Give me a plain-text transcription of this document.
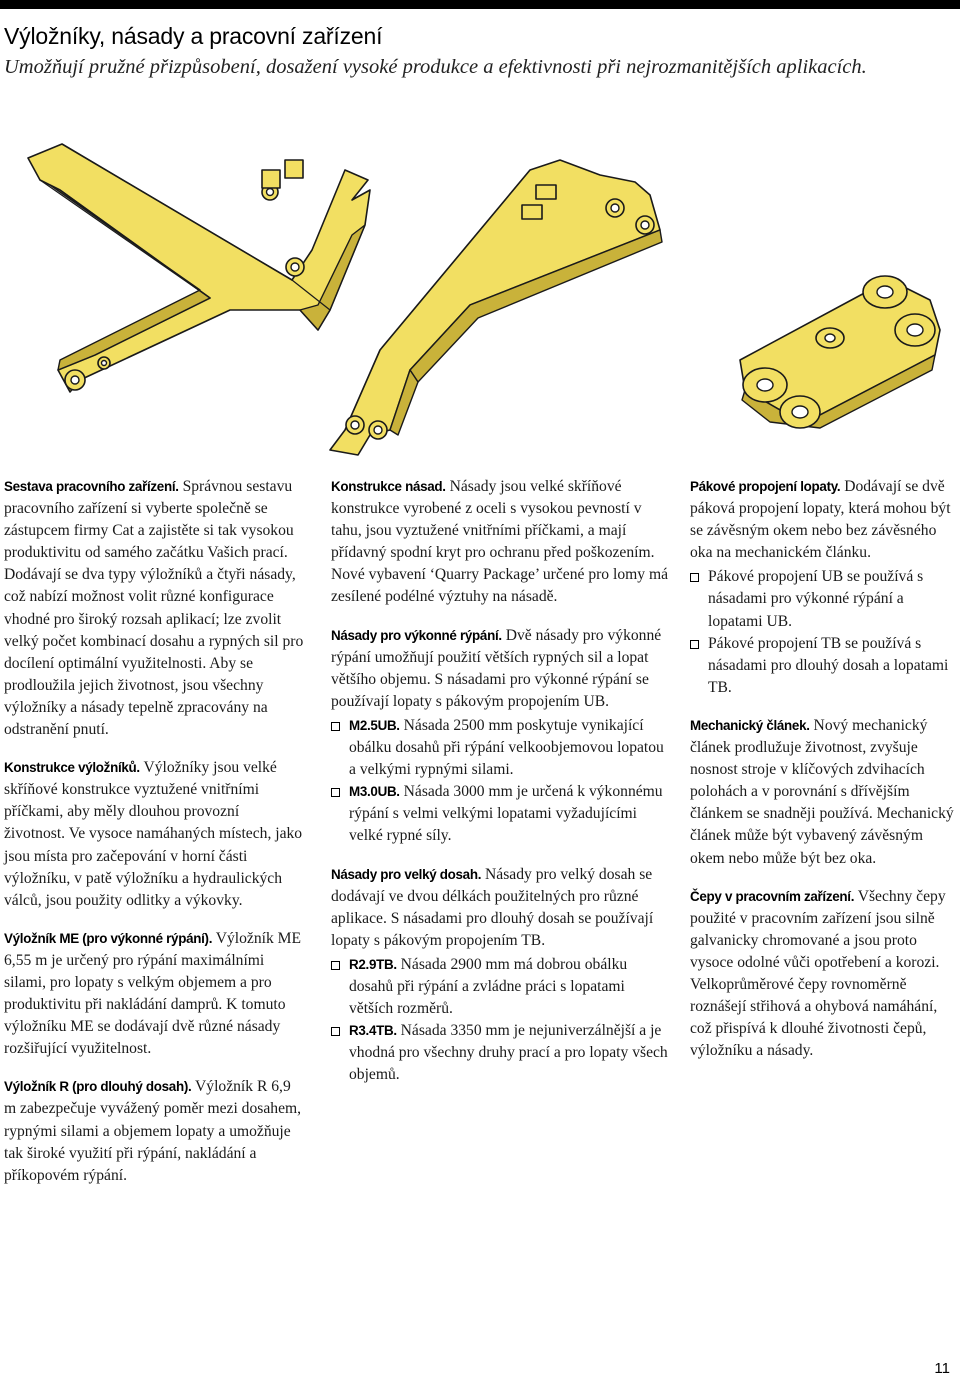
Výložníky, násady a pracovní zařízení

Umožňují pružné přizpůsobení, dosažení vysoké produkce a efektivnosti při nejrozmanitějších aplikacích.

Sestava pracovního zařízení. Správnou sestavu pracovního zařízení si vyberte společně se zástupcem firmy Cat a zajistěte si tak vysokou produktivitu od samého začátku Vašich prací. Dodávají se dva typy výložníků a čtyři násady, což nabízí možnost volit různé konfigurace vhodné pro široký rozsah aplikací; lze zvolit velký počet kombinací dosahu a rypných sil pro docílení optimální využitelnosti. Aby se prodloužila jejich životnost, jsou všechny výložníky a násady tepelně zpracovány na odstranění pnutí.

Konstrukce výložníků. Výložníky jsou velké skříňové konstrukce vyztužené vnitřními příčkami, aby měly dlouhou provozní životnost. Ve vysoce namáhaných místech, jako jsou místa pro začepování v horní části výložníku, v patě výložníku a hydraulických válců, jsou použity odlitky a výkovky.

Výložník ME (pro výkonné rýpání). Výložník ME 6,55 m je určený pro rýpání maximálními silami, pro lopaty s velkým objemem a pro produktivitu při nakládání damprů. K tomuto výložníku ME se dodávají dvě různé násady rozšiřující využitelnost.

Výložník R (pro dlouhý dosah). Výložník R 6,9 m zabezpečuje vyvážený poměr mezi dosahem, rypnými silami a objemem lopaty a umožňuje tak široké využití při rýpání, nakládání a příkopovém rýpání.

Konstrukce násad. Násady jsou velké skříňové konstrukce vyrobené z oceli s vysokou pevností v tahu, jsou vyztužené vnitřními příčkami, a mají přídavný spodní kryt pro ochranu před poškozením. Nové vybavení ‘Quarry Package’ určené pro lomy má zesílené podélné výztuhy na násadě.

Násady pro výkonné rýpání. Dvě násady pro výkonné rýpání umožňují použití větších rypných sil a lopat většího objemu. S násadami pro výkonné rýpání se používají lopaty s pákovým propojením UB.

M2.5UB. Násada 2500 mm poskytuje vynikající obálku dosahů při rýpání velkoobjemovou lopatou a velkými rypnými silami.
M3.0UB. Násada 3000 mm je určená k výkonnému rýpání s velmi velkými lopatami vyžadujícími velké rypné síly.

Násady pro velký dosah. Násady pro velký dosah se dodávají ve dvou délkách použitelných pro různé aplikace. S násadami pro dlouhý dosah se používají lopaty s pákovým propojením TB.

R2.9TB. Násada 2900 mm má dobrou obálku dosahů při rýpání a zvládne práci s lopatami větších rozměrů.
R3.4TB. Násada 3350 mm je nejuniverzálnější a je vhodná pro všechny druhy prací a pro lopaty všech objemů.

Pákové propojení lopaty. Dodávají se dvě páková propojení lopaty, která mohou být se závěsným okem nebo bez závěsného oka na mechanickém článku.

Pákové propojení UB se používá s násadami pro výkonné rýpání a lopatami UB.
Pákové propojení TB se používá s násadami pro dlouhý dosah a lopatami TB.

Mechanický článek. Nový mechanický článek prodlužuje životnost, zvyšuje nosnost stroje v klíčových zdvihacích polohách a v porovnání s dřívějším článkem se snadněji používá. Mechanický článek může být vybavený závěsným okem nebo může být bez oka.

Čepy v pracovním zařízení. Všechny čepy použité v pracovním zařízení jsou silně galvanicky chromované a jsou proto vysoce odolné vůči opotřebení a korozi. Velkoprůměrové čepy rovnoměrně roznášejí střihová a ohybová namáhání, což přispívá k dlouhé životnosti čepů, výložníku a násady.

11
